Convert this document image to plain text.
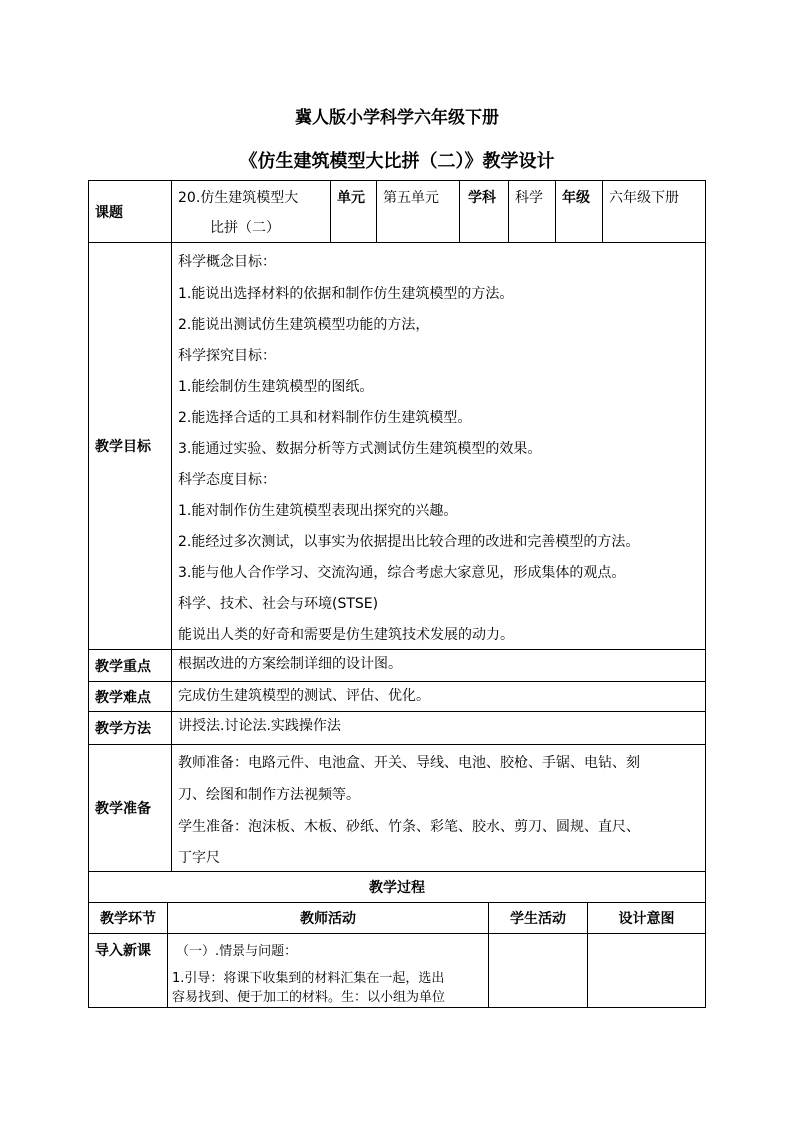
冀人版小学科学六年级下册
《仿生建筑模型大比拼（二）》教学设计
课题
20.仿生建筑模型大
比拼（二）
单元 第五单元 学科 科学 年级 六年级下册
教学目标
科学概念目标：
1.能说出选择材料的依据和制作仿生建筑模型的方法。
2.能说出测试仿生建筑模型功能的方法，
科学探究目标：
1.能绘制仿生建筑模型的图纸。
2.能选择合适的工具和材料制作仿生建筑模型。
3.能通过实验、数据分析等方式测试仿生建筑模型的效果。
科学态度目标：
1.能对制作仿生建筑模型表现出探究的兴趣。
2.能经过多次测试，以事实为依据提出比较合理的改进和完善模型的方法。
3.能与他人合作学习、交流沟通，综合考虑大家意见，形成集体的观点。
科学、技术、社会与环境(STSE)
能说出人类的好奇和需要是仿生建筑技术发展的动力。
教学重点 根据改进的方案绘制详细的设计图。
教学难点 完成仿生建筑模型的测试、评估、优化。
教学方法 讲授法.讨论法.实践操作法
教学准备
教师准备：电路元件、电池盒、开关、导线、电池、胶枪、手锯、电钻、刻
刀、绘图和制作方法视频等。
学生准备：泡沫板、木板、砂纸、竹条、彩笔、胶水、剪刀、圆规、直尺、
丁字尺
教学过程
教学环节	教师活动	学生活动	设计意图
导入新课 （一）.情景与问题：
1.引导：将课下收集到的材料汇集在一起，选出
容易找到、便于加工的材料。生：以小组为单位
